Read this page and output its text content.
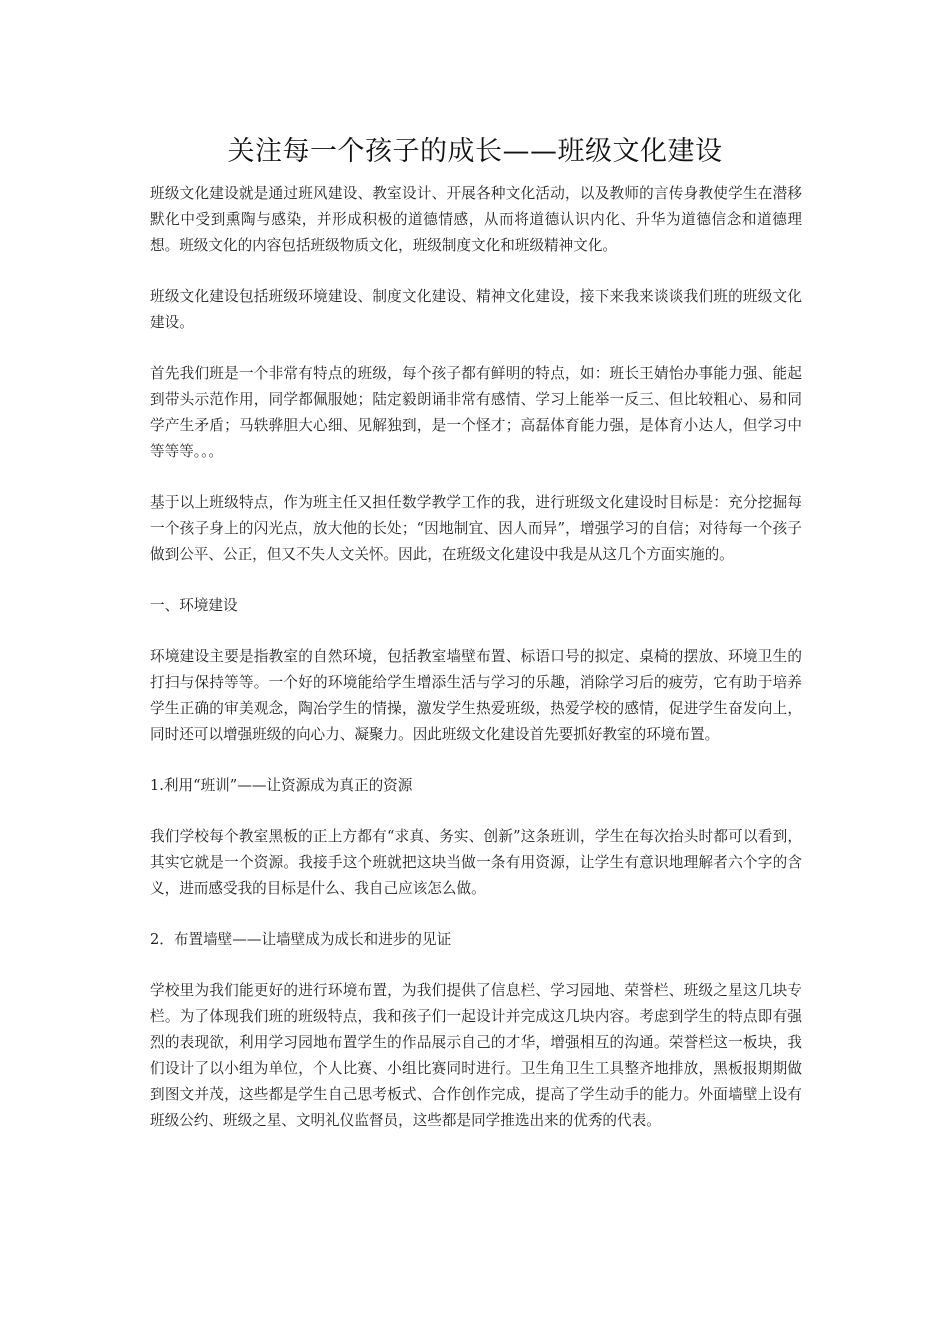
关注每一个孩子的成长——班级文化建设

班级文化建设就是通过班风建设、教室设计、开展各种文化活动，以及教师的言传身教使学生在潜移默化中受到熏陶与感染，并形成积极的道德情感，从而将道德认识内化、升华为道德信念和道德理想。班级文化的内容包括班级物质文化，班级制度文化和班级精神文化。

班级文化建设包括班级环境建设、制度文化建设、精神文化建设，接下来我来谈谈我们班的班级文化建设。

首先我们班是一个非常有特点的班级，每个孩子都有鲜明的特点，如：班长王婧怡办事能力强、能起到带头示范作用，同学都佩服她；陆定毅朗诵非常有感情、学习上能举一反三、但比较粗心、易和同学产生矛盾；马轶骅胆大心细、见解独到，是一个怪才；高磊体育能力强，是体育小达人，但学习中等等等。。。

基于以上班级特点，作为班主任又担任数学教学工作的我，进行班级文化建设时目标是：充分挖掘每一个孩子身上的闪光点，放大他的长处；“因地制宜、因人而异”，增强学习的自信；对待每一个孩子做到公平、公正，但又不失人文关怀。因此，在班级文化建设中我是从这几个方面实施的。

一、环境建设

环境建设主要是指教室的自然环境，包括教室墙壁布置、标语口号的拟定、桌椅的摆放、环境卫生的打扫与保持等等。一个好的环境能给学生增添生活与学习的乐趣，消除学习后的疲劳，它有助于培养学生正确的审美观念，陶冶学生的情操，激发学生热爱班级，热爱学校的感情，促进学生奋发向上，同时还可以增强班级的向心力、凝聚力。因此班级文化建设首先要抓好教室的环境布置。

1.利用“班训”——让资源成为真正的资源

我们学校每个教室黑板的正上方都有“求真、务实、创新”这条班训，学生在每次抬头时都可以看到，其实它就是一个资源。我接手这个班就把这块当做一条有用资源，让学生有意识地理解者六个字的含义，进而感受我的目标是什么、我自己应该怎么做。

2．布置墙壁——让墙壁成为成长和进步的见证

学校里为我们能更好的进行环境布置，为我们提供了信息栏、学习园地、荣誉栏、班级之星这几块专栏。为了体现我们班的班级特点，我和孩子们一起设计并完成这几块内容。考虑到学生的特点即有强烈的表现欲，利用学习园地布置学生的作品展示自己的才华，增强相互的沟通。荣誉栏这一板块，我们设计了以小组为单位，个人比赛、小组比赛同时进行。卫生角卫生工具整齐地排放，黑板报期期做到图文并茂，这些都是学生自己思考板式、合作创作完成，提高了学生动手的能力。外面墙壁上设有班级公约、班级之星、文明礼仪监督员，这些都是同学推选出来的优秀的代表。
